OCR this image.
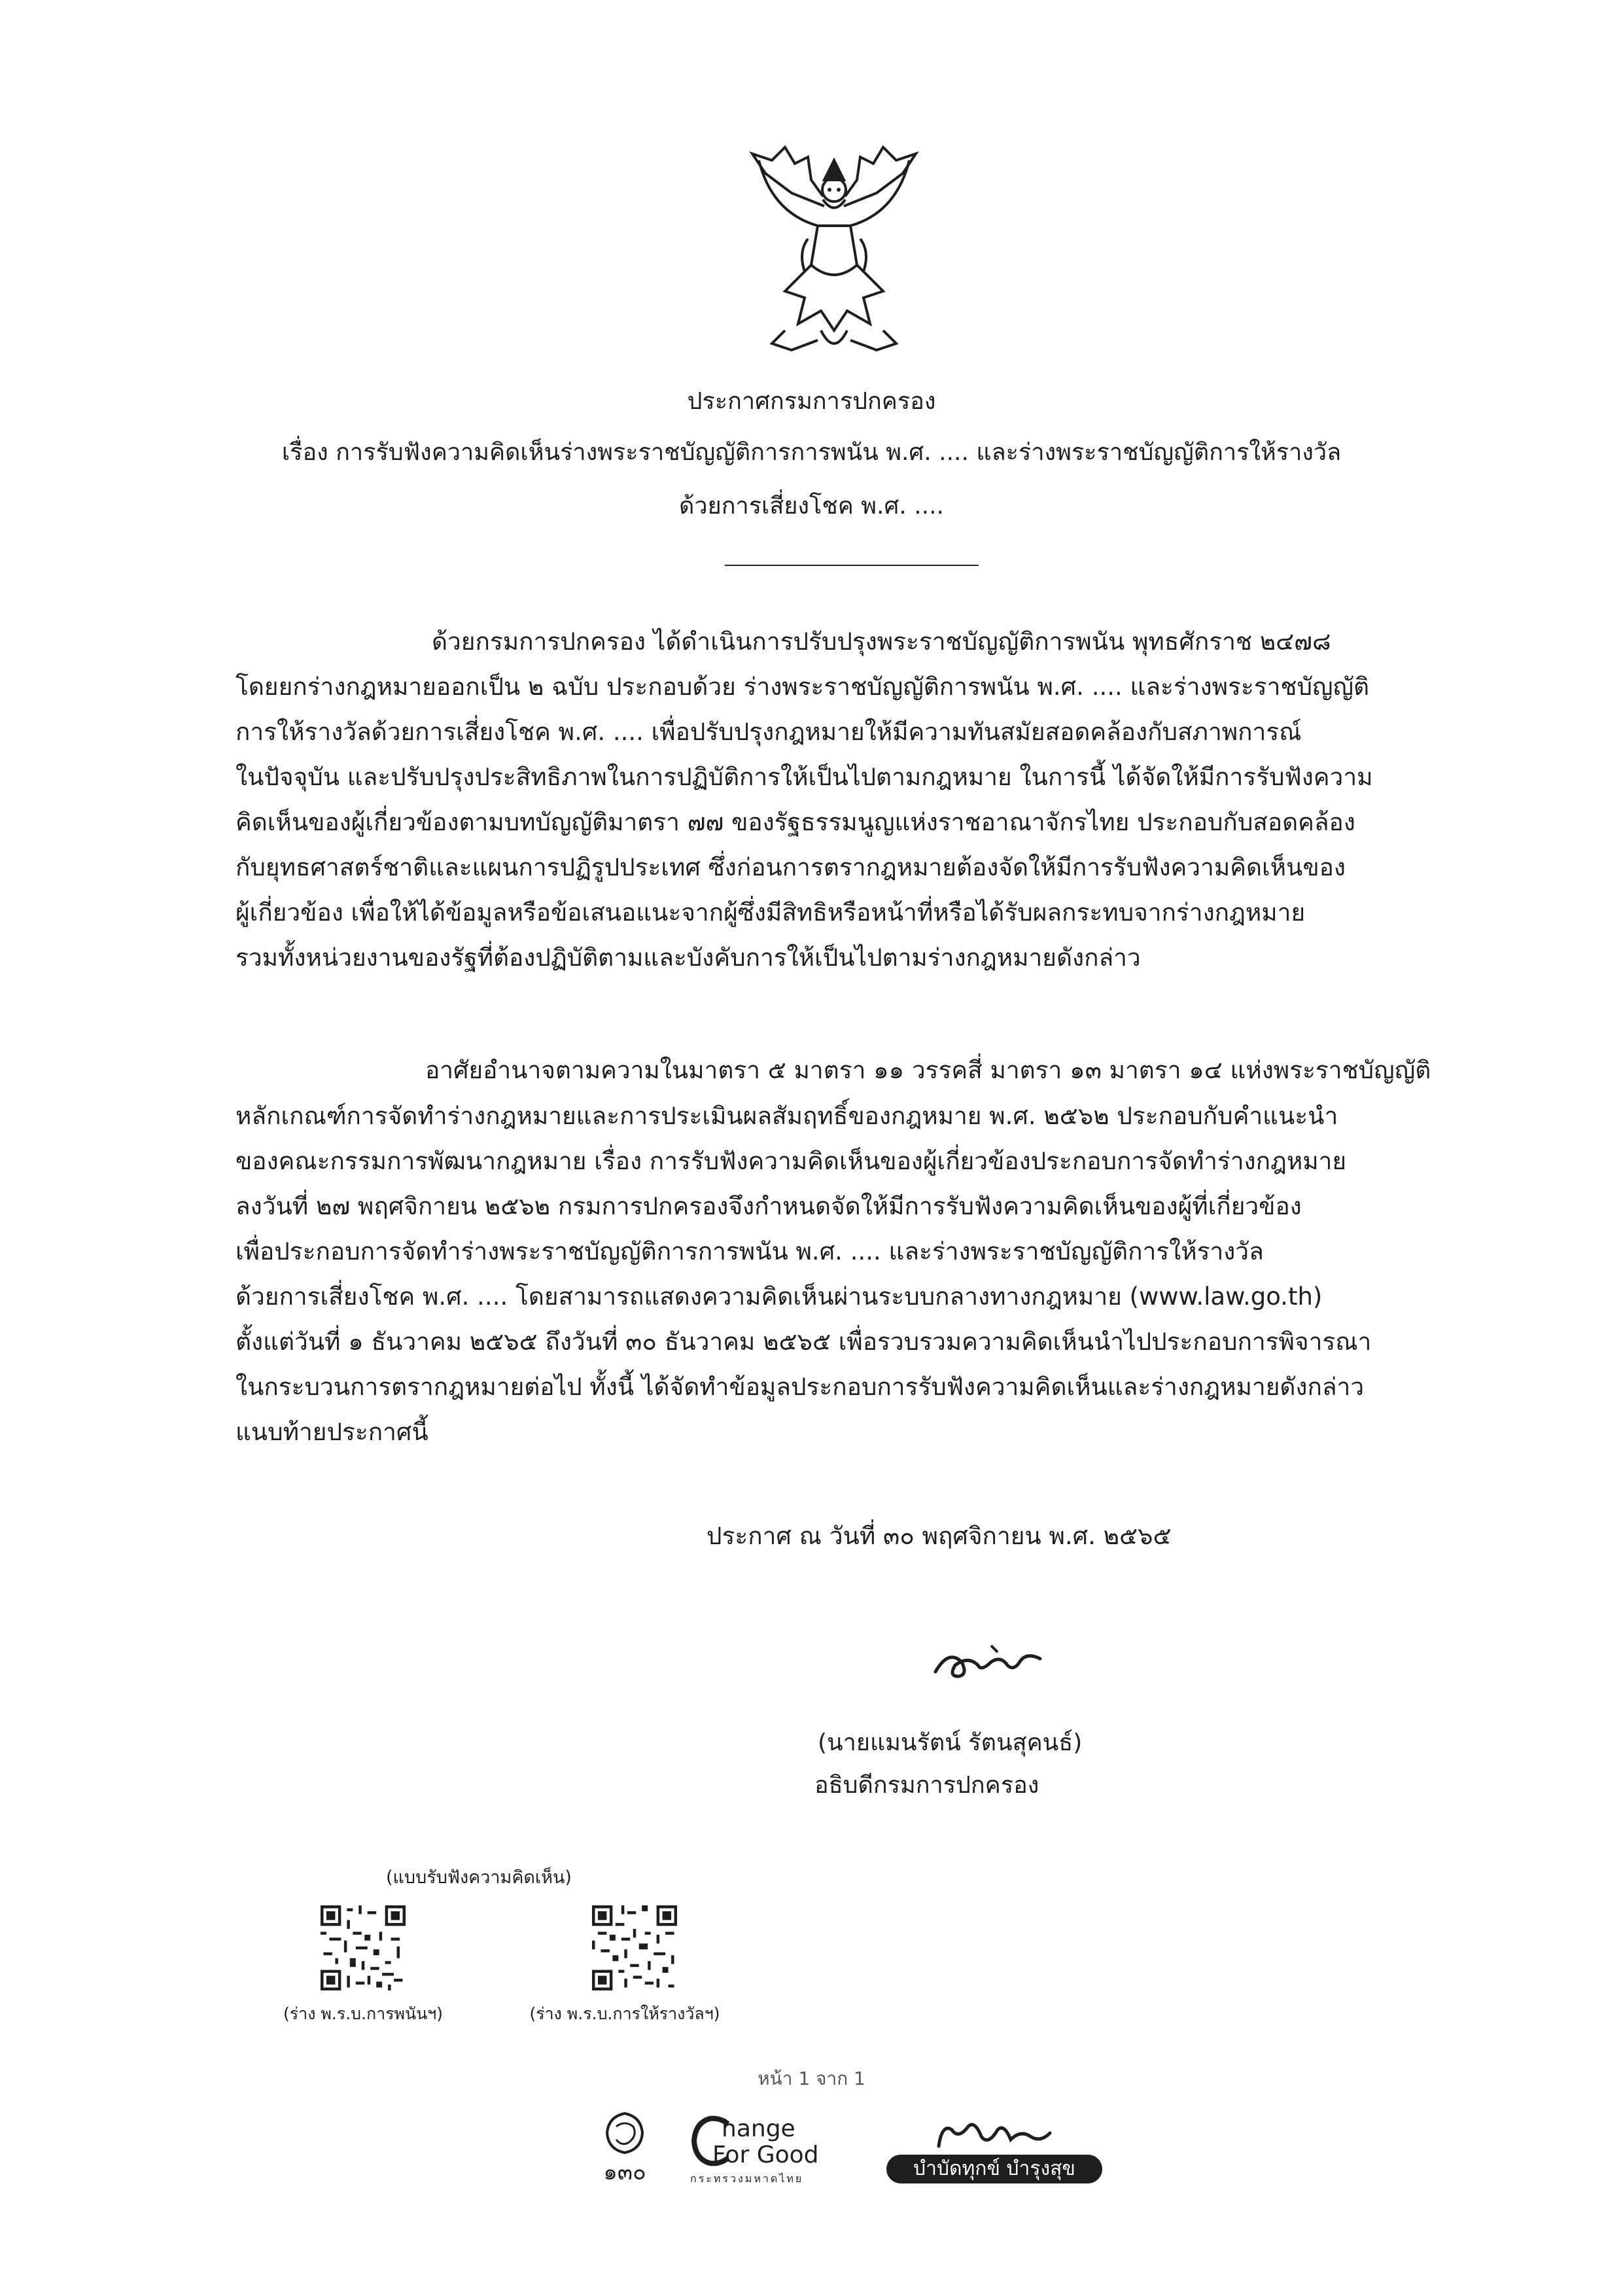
ประกาศกรมการปกครอง
เรื่อง การรับฟังความคิดเห็นร่างพระราชบัญญัติการการพนัน พ.ศ. .... และร่างพระราชบัญญัติการให้รางวัล
ด้วยการเสี่ยงโชค พ.ศ. ....
ด้วยกรมการปกครอง ได้ดำเนินการปรับปรุงพระราชบัญญัติการพนัน พุทธศักราช ๒๔๗๘
โดยยกร่างกฎหมายออกเป็น ๒ ฉบับ ประกอบด้วย ร่างพระราชบัญญัติการพนัน พ.ศ. .... และร่างพระราชบัญญัติ
การให้รางวัลด้วยการเสี่ยงโชค พ.ศ. .... เพื่อปรับปรุงกฎหมายให้มีความทันสมัยสอดคล้องกับสภาพการณ์
ในปัจจุบัน และปรับปรุงประสิทธิภาพในการปฏิบัติการให้เป็นไปตามกฎหมาย ในการนี้ ได้จัดให้มีการรับฟังความ
คิดเห็นของผู้เกี่ยวข้องตามบทบัญญัติมาตรา ๗๗ ของรัฐธรรมนูญแห่งราชอาณาจักรไทย ประกอบกับสอดคล้อง
กับยุทธศาสตร์ชาติและแผนการปฏิรูปประเทศ ซึ่งก่อนการตรากฎหมายต้องจัดให้มีการรับฟังความคิดเห็นของ
ผู้เกี่ยวข้อง เพื่อให้ได้ข้อมูลหรือข้อเสนอแนะจากผู้ซึ่งมีสิทธิหรือหน้าที่หรือได้รับผลกระทบจากร่างกฎหมาย
รวมทั้งหน่วยงานของรัฐที่ต้องปฏิบัติตามและบังคับการให้เป็นไปตามร่างกฎหมายดังกล่าว
อาศัยอำนาจตามความในมาตรา ๕ มาตรา ๑๑ วรรคสี่ มาตรา ๑๓ มาตรา ๑๔ แห่งพระราชบัญญัติ
หลักเกณฑ์การจัดทำร่างกฎหมายและการประเมินผลสัมฤทธิ์ของกฎหมาย พ.ศ. ๒๕๖๒ ประกอบกับคำแนะนำ
ของคณะกรรมการพัฒนากฎหมาย เรื่อง การรับฟังความคิดเห็นของผู้เกี่ยวข้องประกอบการจัดทำร่างกฎหมาย
ลงวันที่ ๒๗ พฤศจิกายน ๒๕๖๒ กรมการปกครองจึงกำหนดจัดให้มีการรับฟังความคิดเห็นของผู้ที่เกี่ยวข้อง
เพื่อประกอบการจัดทำร่างพระราชบัญญัติการการพนัน พ.ศ. .... และร่างพระราชบัญญัติการให้รางวัล
ด้วยการเสี่ยงโชค พ.ศ. .... โดยสามารถแสดงความคิดเห็นผ่านระบบกลางทางกฎหมาย (www.law.go.th)
ตั้งแต่วันที่ ๑ ธันวาคม ๒๕๖๕ ถึงวันที่ ๓๐ ธันวาคม ๒๕๖๕ เพื่อรวบรวมความคิดเห็นนำไปประกอบการพิจารณา
ในกระบวนการตรากฎหมายต่อไป ทั้งนี้ ได้จัดทำข้อมูลประกอบการรับฟังความคิดเห็นและร่างกฎหมายดังกล่าว
แนบท้ายประกาศนี้
ประกาศ ณ วันที่ ๓๐ พฤศจิกายน พ.ศ. ๒๕๖๕
(นายแมนรัตน์ รัตนสุคนธ์)
อธิบดีกรมการปกครอง
(แบบรับฟังความคิดเห็น)
(ร่าง พ.ร.บ.การพนันฯ)	(ร่าง พ.ร.บ.การให้รางวัลฯ)
หน้า 1 จาก 1
๑๓๐
hange
For Good
กระทรวงมหาดไทย	บำบัดทุกข์ บำรุงสุข
